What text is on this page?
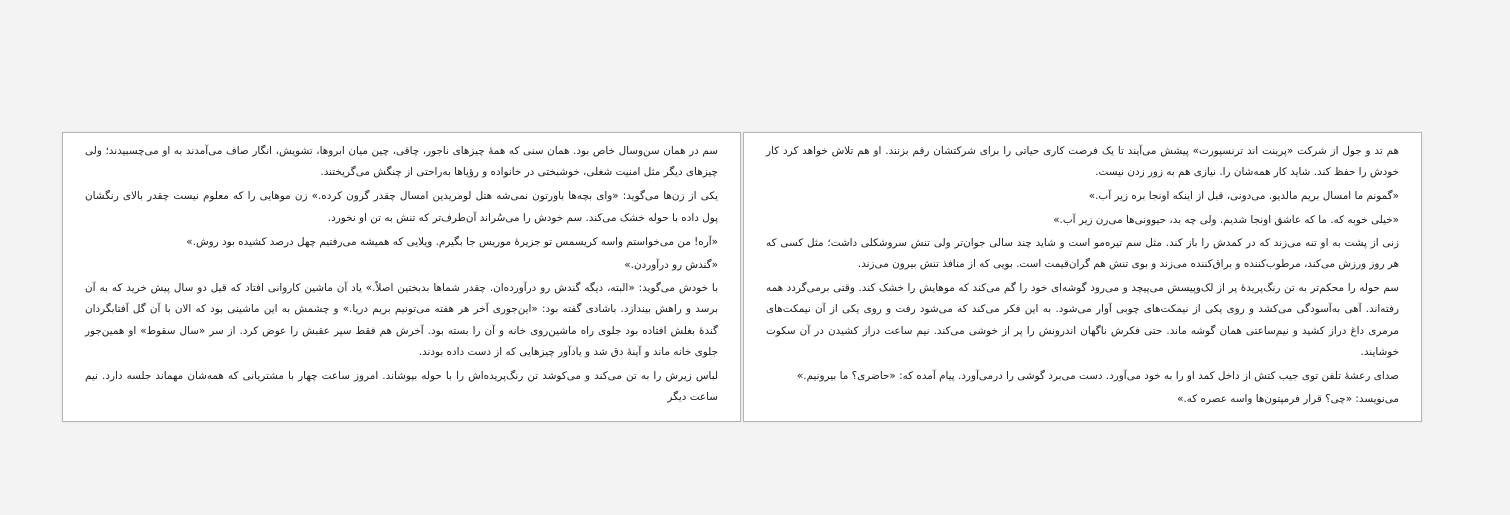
سم در همان سن‌وسال خاص بود. همان سنی که همهٔ چیزهای ناجور، چاقی، چین میان ابروها، تشویش، انگار صاف می‌آمدند به او می‌چسبیدند؛ ولی چیزهای دیگر مثل امنیت شغلی، خوشبختی در خانواده و رؤیاها به‌راحتی از چنگش می‌گریختند.

یکی از زن‌ها می‌گوید: «وای بچه‌ها باورتون نمی‌شه هتل لومریدین امسال چقدر گرون کرده.» زن موهایی را که معلوم نیست چقدر بالای رنگشان پول داده با حوله خشک می‌کند. سم خودش را می‌سُراند آن‌طرف‌تر که تنش به تن او نخورد.

«آره! من می‌خواستم واسه کریسمس تو جزیرهٔ موریس جا بگیرم. ویلایی که همیشه می‌رفتیم چهل درصد کشیده بود روش.»

«گندش رو درآوردن.»

با خودش می‌گوید: «البته، دیگه گندش رو درآورده‌ان. چقدر شماها بدبختین اصلاً.» یاد آن ماشین کاروانی افتاد که قیل دو سال پیش خرید که به آن برسد و راهش بیندازد. باشادی گفته بود: «این‌جوری آخر هر هفته می‌تونیم بریم دریا.» و چشمش به این ماشینی بود که الان با آن گل آفتابگردان گندهٔ بغلش افتاده بود جلوی راه ماشین‌روی خانه و آن را بسته بود. آخرش هم فقط سپر عقبش را عوض کرد. از سر «سال سقوط» او همین‌جور جلوی خانه ماند و آینهٔ دق شد و یادآور چیزهایی که از دست داده بودند.

لباس زیرش را به تن می‌کند و می‌کوشد تن رنگ‌پریده‌اش را با حوله بپوشاند. امروز ساعت چهار با مشتریانی که همه‌شان مهماند جلسه دارد. نیم ساعت دیگر

هم تد و جول از شرکت «پرینت اند ترنسپورت» پیشش می‌آیند تا یک فرصت کاری حیاتی را برای شرکتشان رقم بزنند. او هم تلاش خواهد کرد کار خودش را حفظ کند. شاید کار همه‌شان را. نیازی هم به زور زدن نیست.

«گمونم ما امسال بریم مالدیو. می‌دونی، قبل از اینکه اونجا بره زیر آب.»

«خیلی خوبه که. ما که عاشق اونجا شدیم. ولی چه بد، حیوونی‌ها می‌رن زیر آب.»

زنی از پشت به او تنه می‌زند که در کمدش را باز کند. مثل سم تیره‌مو است و شاید چند سالی جوان‌تر ولی تنش سروشکلی داشت؛ مثل کسی که هر روز ورزش می‌کند، مرطوب‌کننده و براق‌کننده می‌زند و بوی تنش هم گران‌قیمت است. بویی که از منافذ تنش بیرون می‌زند.

سم حوله را محکم‌تر به تن رنگ‌پریده‌ٔ پر از لک‌وپیسش می‌پیچد و می‌رود گوشه‌ای خود را گم می‌کند که موهایش را خشک کند. وقتی برمی‌گردد همه رفته‌اند. آهی به‌آسودگی می‌کشد و روی یکی از نیمکت‌های چوبی آوار می‌شود. به این فکر می‌کند که می‌شود رفت و روی یکی از آن نیمکت‌های مرمری داغ دراز کشید و نیم‌ساعتی همان گوشه ماند. حتی فکرش ناگهان اندرونش را پر از خوشی می‌کند. نیم ساعت دراز کشیدن در آن سکوت خوشایند.

صدای رعشهٔ تلفن توی جیب کتش از داخل کمد او را به خود می‌آورد. دست می‌برد گوشی را درمی‌آورد. پیام آمده که: «حاضری؟ ما بیرونیم.»

می‌نویسد: «چی؟ قرار فرمپتون‌ها واسه عصره که.»
